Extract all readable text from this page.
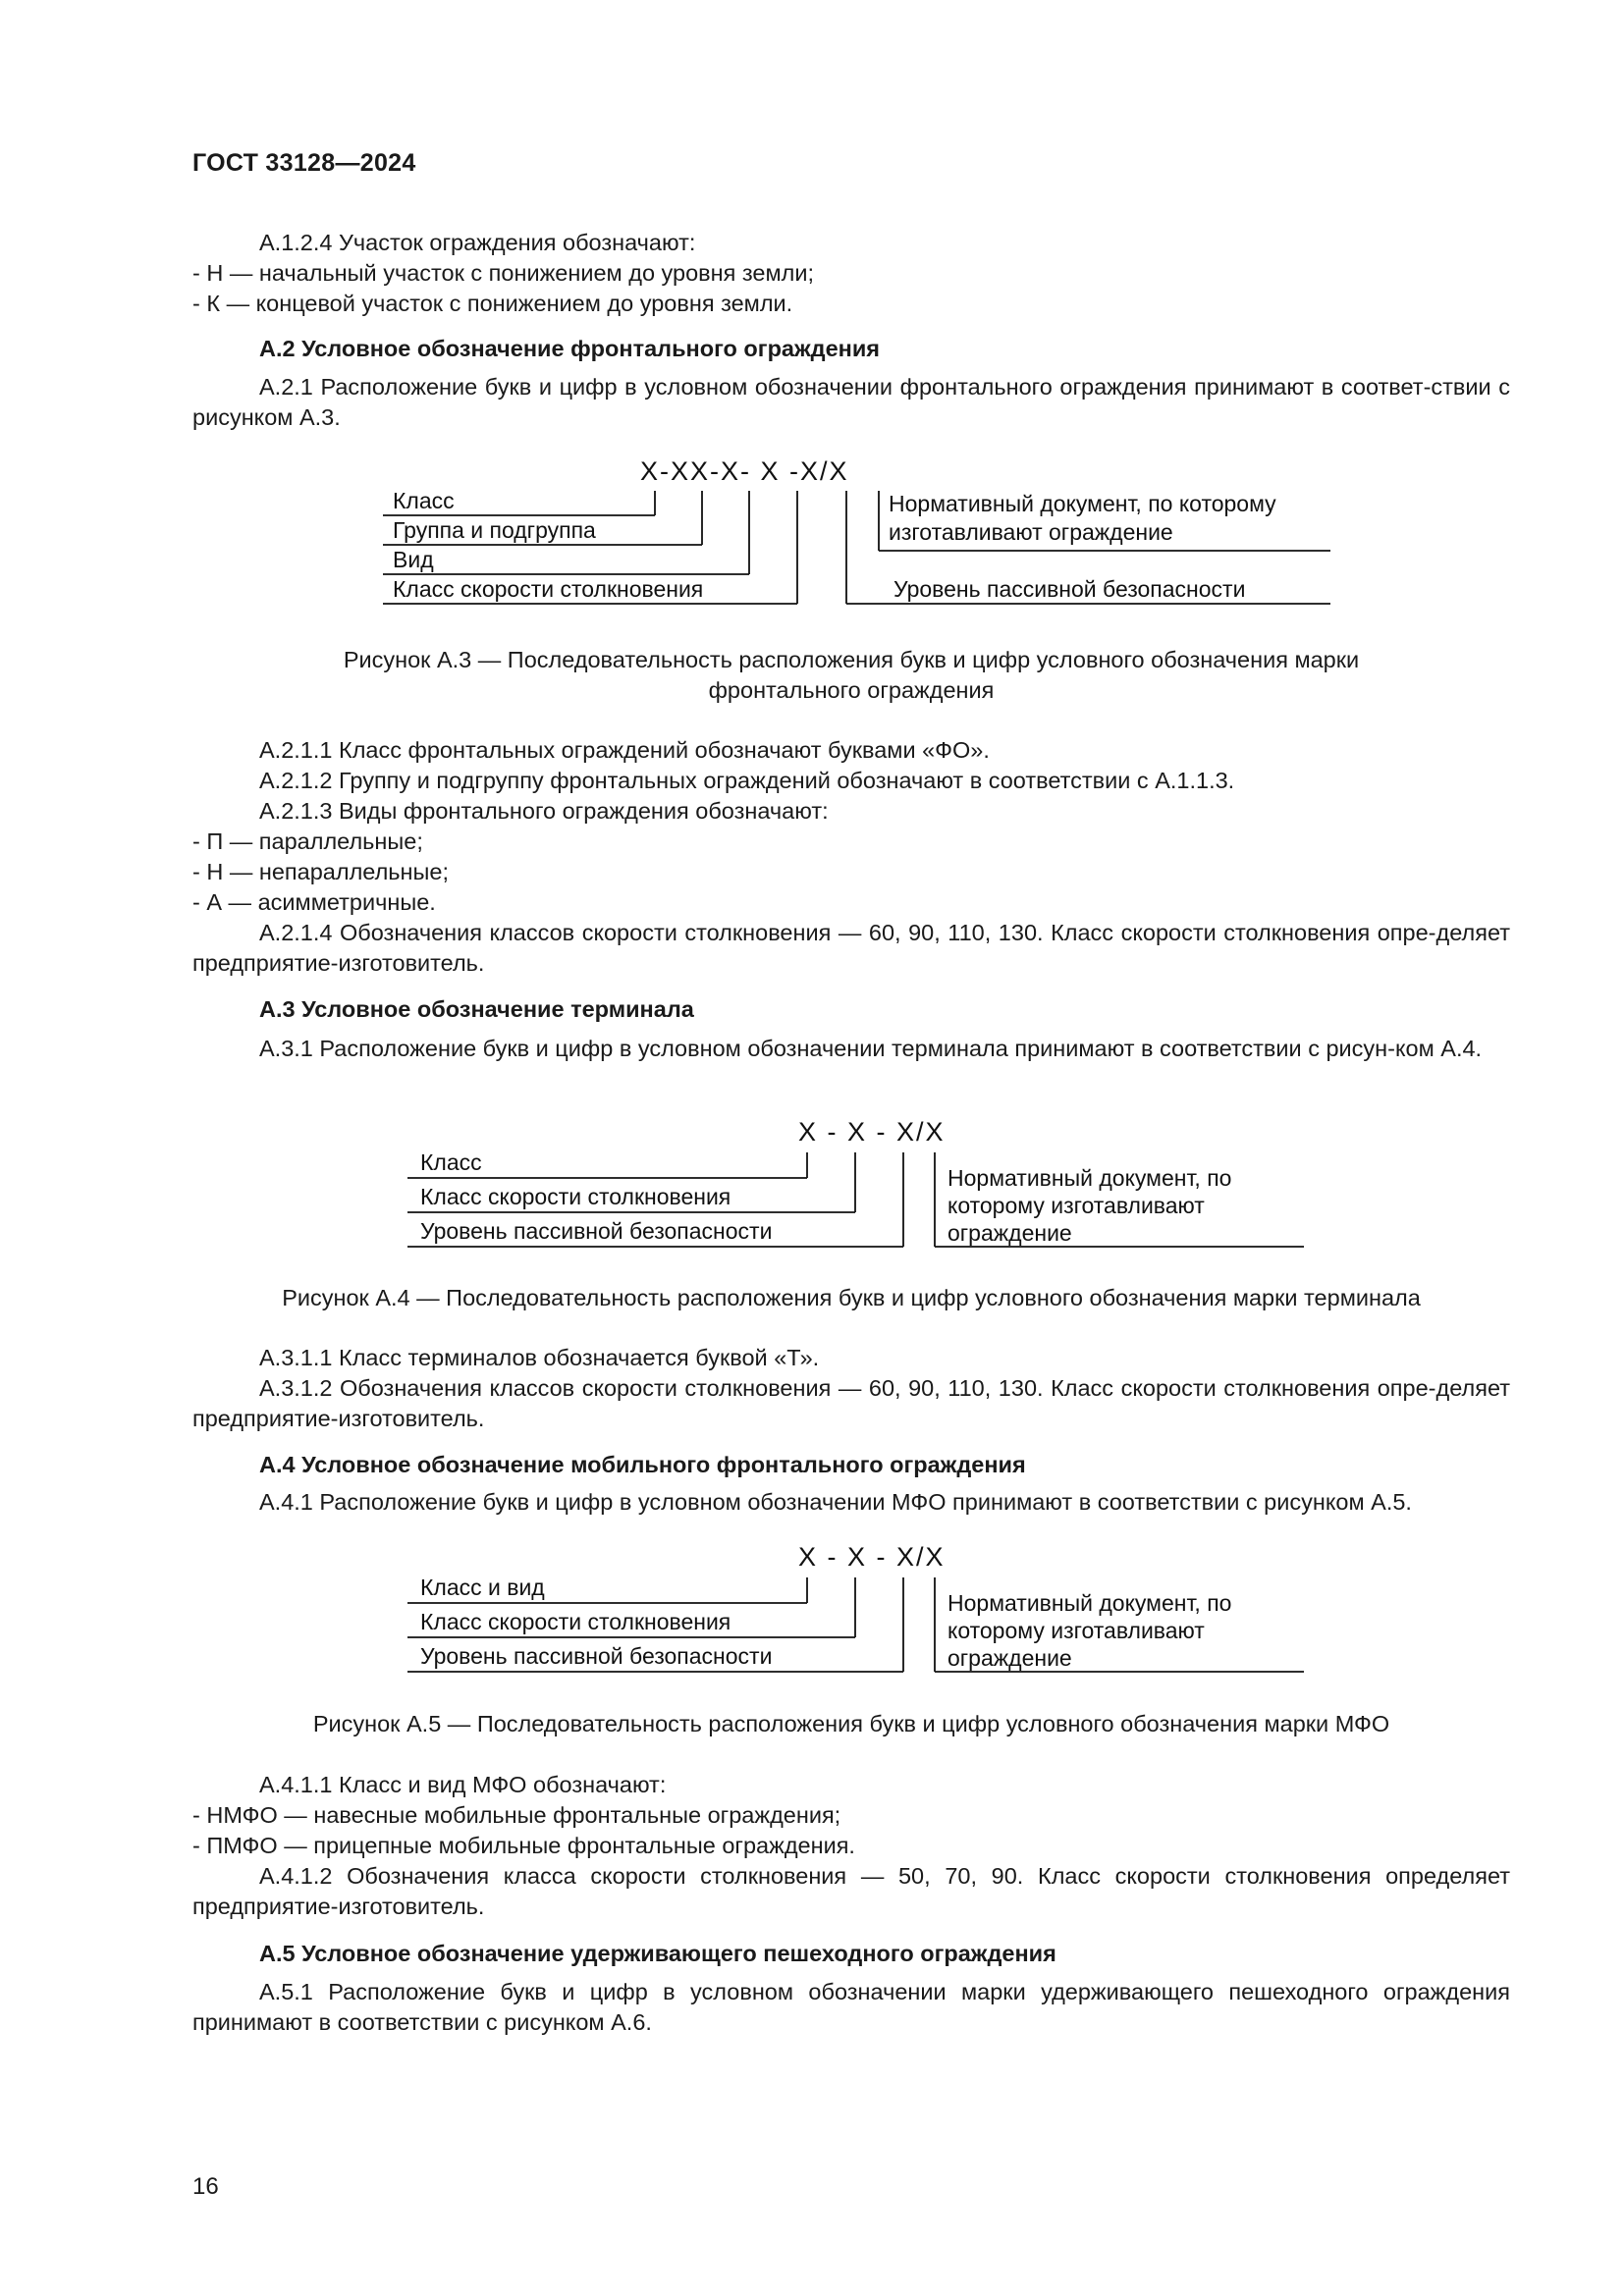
ГОСТ 33128—2024

А.1.2.4 Участок ограждения обозначают:

- Н — начальный участок с понижением до уровня земли;

- К — концевой участок с понижением до уровня земли.

А.2 Условное обозначение фронтального ограждения

А.2.1 Расположение букв и цифр в условном обозначении фронтального ограждения принимают в соответ-ствии с рисунком А.3.

Х-ХХ-Х- Х -Х/Х
Класс
Группа и подгруппа
Вид
Класс скорости столкновения	Уровень пассивной безопасности
Нормативный документ, по которому
изготавливают ограждение

Рисунок А.3 — Последовательность расположения букв и цифр условного обозначения марки

фронтального ограждения

А.2.1.1 Класс фронтальных ограждений обозначают буквами «ФО».

А.2.1.2 Группу и подгруппу фронтальных ограждений обозначают в соответствии с А.1.1.3.

А.2.1.3 Виды фронтального ограждения обозначают:

- П — параллельные;

- Н — непараллельные;

- А — асимметричные.

А.2.1.4 Обозначения классов скорости столкновения — 60, 90, 110, 130. Класс скорости столкновения опре-деляет предприятие-изготовитель.

А.3 Условное обозначение терминала

А.3.1 Расположение букв и цифр в условном обозначении терминала принимают в соответствии с рисун-ком А.4.

Х - Х - Х/Х
Класс
Класс скорости столкновения
Уровень пассивной безопасности
Нормативный документ, по
которому изготавливают
ограждение

Рисунок А.4 — Последовательность расположения букв и цифр условного обозначения марки терминала

А.3.1.1 Класс терминалов обозначается буквой «Т».

А.3.1.2 Обозначения классов скорости столкновения — 60, 90, 110, 130. Класс скорости столкновения опре-деляет предприятие-изготовитель.

А.4 Условное обозначение мобильного фронтального ограждения

А.4.1 Расположение букв и цифр в условном обозначении МФО принимают в соответствии с рисунком А.5.

Х - Х - Х/Х
Класс и вид
Класс скорости столкновения
Уровень пассивной безопасности
Нормативный документ, по
которому изготавливают
ограждение

Рисунок А.5 — Последовательность расположения букв и цифр условного обозначения марки МФО

А.4.1.1 Класс и вид МФО обозначают:

- НМФО — навесные мобильные фронтальные ограждения;

- ПМФО — прицепные мобильные фронтальные ограждения.

А.4.1.2 Обозначения класса скорости столкновения — 50, 70, 90. Класс скорости столкновения определяет предприятие-изготовитель.

А.5 Условное обозначение удерживающего пешеходного ограждения

А.5.1 Расположение букв и цифр в условном обозначении марки удерживающего пешеходного ограждения принимают в соответствии с рисунком А.6.

16
